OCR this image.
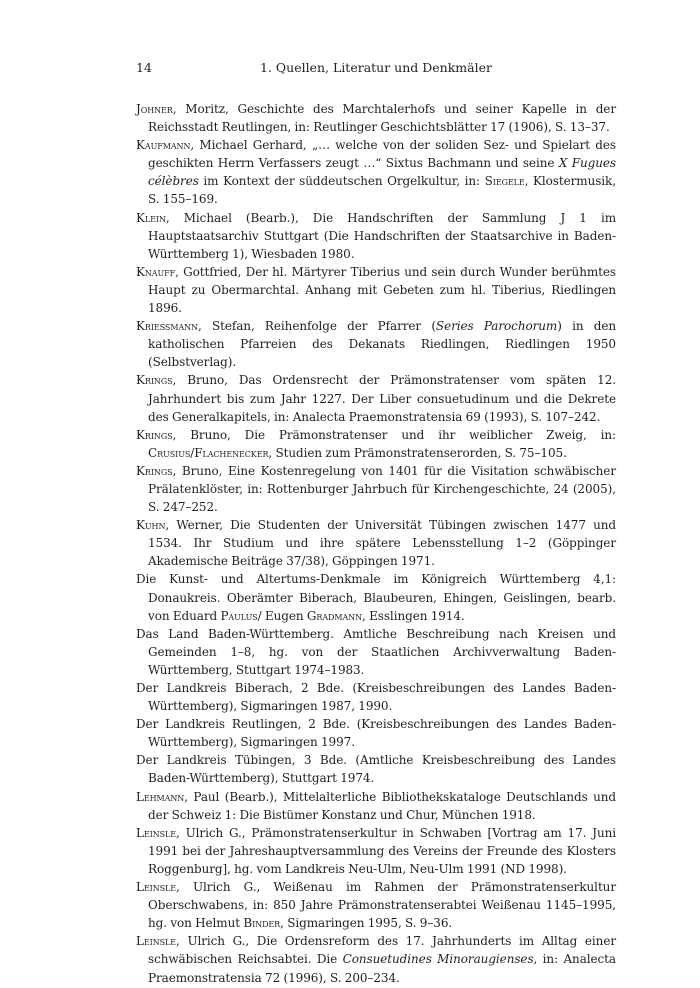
14	1. Quellen, Literatur und Denkmäler

Johner, Moritz, Geschichte des Marchtalerhofs und seiner Kapelle in der Reichsstadt Reutlingen, in: Reutlinger Geschichtsblätter 17 (1906), S. 13–37.

Kaufmann, Michael Gerhard, „… welche von der soliden Sez- und Spielart des geschikten Herrn Verfassers zeugt …“ Sixtus Bachmann und seine X Fugues célèbres im Kontext der süddeutschen Orgelkultur, in: Siegele, Klostermusik, S. 155–169.

Klein, Michael (Bearb.), Die Handschriften der Sammlung J 1 im Hauptstaatsarchiv Stuttgart (Die Handschriften der Staatsarchive in Baden-Württemberg 1), Wiesbaden 1980.

Knauff, Gottfried, Der hl. Märtyrer Tiberius und sein durch Wunder berühmtes Haupt zu Obermarchtal. Anhang mit Gebeten zum hl. Tiberius, Riedlingen 1896.

Kriessmann, Stefan, Reihenfolge der Pfarrer (Series Parochorum) in den katholischen Pfarreien des Dekanats Riedlingen, Riedlingen 1950 (Selbstverlag).

Krings, Bruno, Das Ordensrecht der Prämonstratenser vom späten 12. Jahrhundert bis zum Jahr 1227. Der Liber consuetudinum und die Dekrete des Generalkapitels, in: Analecta Praemonstratensia 69 (1993), S. 107–242.

Krings, Bruno, Die Prämonstratenser und ihr weiblicher Zweig, in: Crusius/Flachenecker, Studien zum Prämonstratenserorden, S. 75–105.

Krings, Bruno, Eine Kostenregelung von 1401 für die Visitation schwäbischer Prälatenklöster, in: Rottenburger Jahrbuch für Kirchengeschichte, 24 (2005), S. 247–252.

Kuhn, Werner, Die Studenten der Universität Tübingen zwischen 1477 und 1534. Ihr Studium und ihre spätere Lebensstellung 1–2 (Göppinger Akademische Beiträge 37/38), Göppingen 1971.

Die Kunst- und Altertums-Denkmale im Königreich Württemberg 4,1: Donaukreis. Oberämter Biberach, Blaubeuren, Ehingen, Geislingen, bearb. von Eduard Paulus/ Eugen Gradmann, Esslingen 1914.

Das Land Baden-Württemberg. Amtliche Beschreibung nach Kreisen und Gemeinden 1–8, hg. von der Staatlichen Archivverwaltung Baden-Württemberg, Stuttgart 1974–1983.

Der Landkreis Biberach, 2 Bde. (Kreisbeschreibungen des Landes Baden-Württemberg), Sigmaringen 1987, 1990.

Der Landkreis Reutlingen, 2 Bde. (Kreisbeschreibungen des Landes Baden-Württemberg), Sigmaringen 1997.

Der Landkreis Tübingen, 3 Bde. (Amtliche Kreisbeschreibung des Landes Baden-Württemberg), Stuttgart 1974.

Lehmann, Paul (Bearb.), Mittelalterliche Bibliothekskataloge Deutschlands und der Schweiz 1: Die Bistümer Konstanz und Chur, München 1918.

Leinsle, Ulrich G., Prämonstratenserkultur in Schwaben [Vortrag am 17. Juni 1991 bei der Jahreshauptversammlung des Vereins der Freunde des Klosters Roggenburg], hg. vom Landkreis Neu-Ulm, Neu-Ulm 1991 (ND 1998).

Leinsle, Ulrich G., Weißenau im Rahmen der Prämonstratenserkultur Oberschwabens, in: 850 Jahre Prämonstratenserabtei Weißenau 1145–1995, hg. von Helmut Binder, Sigmaringen 1995, S. 9–36.

Leinsle, Ulrich G., Die Ordensreform des 17. Jahrhunderts im Alltag einer schwäbischen Reichsabtei. Die Consuetudines Minoraugienses, in: Analecta Praemonstratensia 72 (1996), S. 200–234.
